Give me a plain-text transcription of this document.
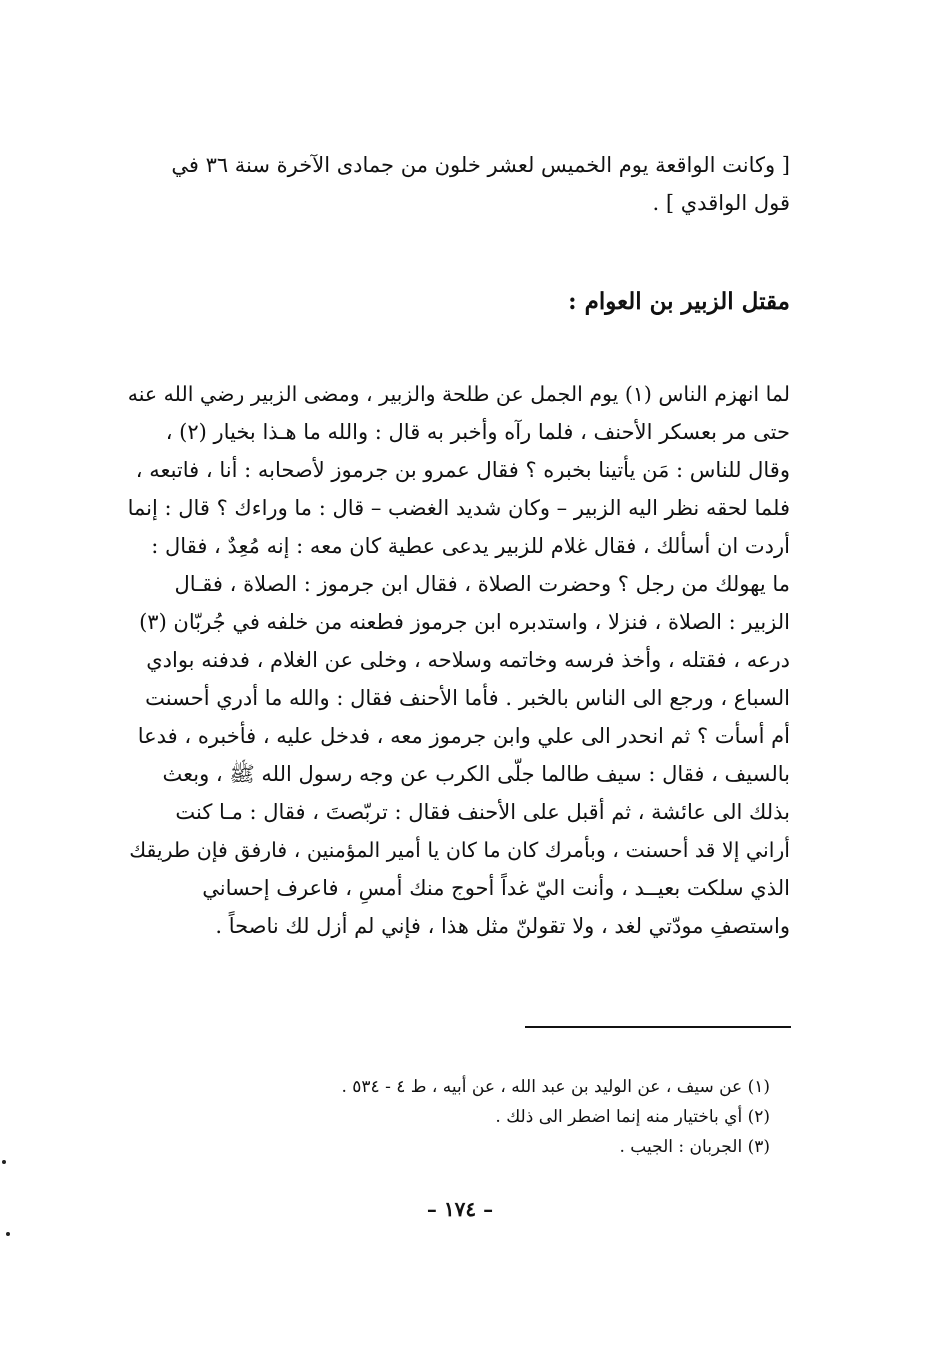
[ وكانت الواقعة يوم الخميس لعشر خلون من جمادى الآخرة سنة ٣٦ في
قول الواقدي ] .
مقتل الزبير بن العوام :
لما انهزم الناس (١) يوم الجمل عن طلحة والزبير ، ومضى الزبير رضي الله عنه
حتى مر بعسكر الأحنف ، فلما رآه وأخبر به قال : والله ما هـذا بخيار (٢) ،
وقال للناس : مَن يأتينا بخبره ؟ فقال عمرو بن جرموز لأصحابه : أنا ، فاتبعه ،
فلما لحقه نظر اليه الزبير – وكان شديد الغضب – قال : ما وراءك ؟ قال : إنما
أردت ان أسألك ، فقال غلام للزبير يدعى عطية كان معه : إنه مُعِدٌ ، فقال :
ما يهولك من رجل ؟ وحضرت الصلاة ، فقال ابن جرموز : الصلاة ، فقـال
الزبير : الصلاة ، فنزلا ، واستدبره ابن جرموز فطعنه من خلفه في جُربّان (٣)
درعه ، فقتله ، وأخذ فرسه وخاتمه وسلاحه ، وخلى عن الغلام ، فدفنه بوادي
السباع ، ورجع الى الناس بالخبر . فأما الأحنف فقال : والله ما أدري أحسنت
أم أسأت ؟ ثم انحدر الى علي وابن جرموز معه ، فدخل عليه ، فأخبره ، فدعا
بالسيف ، فقال : سيف طالما جلّى الكرب عن وجه رسول الله ﷺ ، وبعث
بذلك الى عائشة ، ثم أقبل على الأحنف فقال : تربّصتَ ، فقال : مـا كنت
أراني إلا قد أحسنت ، وبأمرك كان ما كان يا أمير المؤمنين ، فارفق فإن طريقك
الذي سلكت بعيــد ، وأنت اليّ غداً أحوج منك أمسِ ، فاعرف إحساني
واستصفِ مودّتي لغد ، ولا تقولنّ مثل هذا ، فإني لم أزل لك ناصحاً .
(١) عن سيف ، عن الوليد بن عبد الله ، عن أبيه ، ط ٤ - ٥٣٤ .
(٢) أي باختيار منه إنما اضطر الى ذلك .
(٣) الجربان : الجيب .
– ١٧٤ –
